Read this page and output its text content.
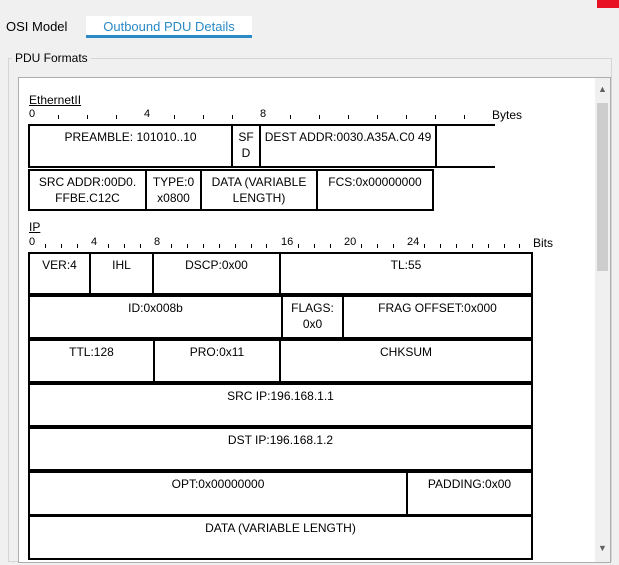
OSI Model	Outbound PDU Details
PDU Formats
EthernetII
0	4	8	Bytes
PREAMBLE: 101010..10	SF D
DEST ADDR:0030.A35A.C0 49
SRC ADDR:00D0. FFBE.C12C
TYPE:0 x0800
DATA (VARIABLE LENGTH)
FCS:0x00000000
IP
0	4	8	16	20	24	Bits
VER:4	IHL	DSCP:0x00	TL:55
ID:0x008b	FLAGS: 0x0
FRAG OFFSET:0x000
TTL:128	PRO:0x11	CHKSUM
SRC IP:196.168.1.1
DST IP:196.168.1.2
OPT:0x00000000	PADDING:0x00
DATA (VARIABLE LENGTH)
▲
▼
